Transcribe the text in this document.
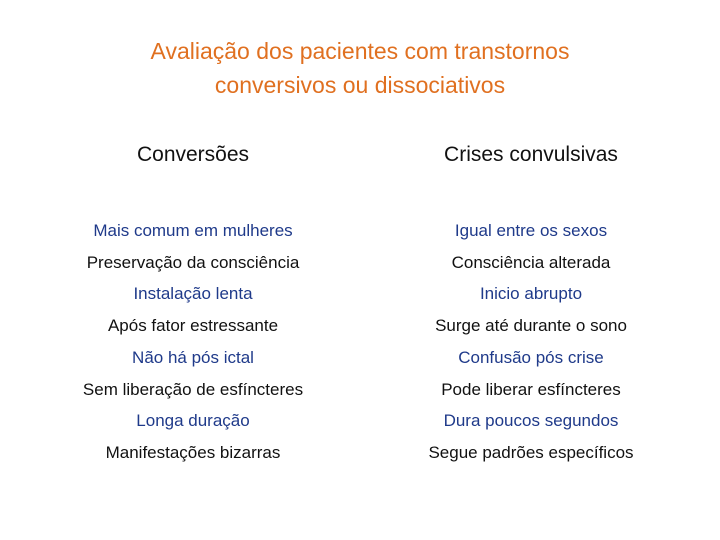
Avaliação dos pacientes com transtornos
conversivos ou dissociativos
Conversões
Mais comum em mulheres
Preservação da consciência
Instalação lenta
Após fator estressante
Não há pós ictal
Sem liberação de esfíncteres
Longa duração
Manifestações bizarras
Crises convulsivas
Igual entre os sexos
Consciência alterada
Inicio abrupto
Surge até durante o sono
Confusão pós crise
Pode liberar esfíncteres
Dura poucos segundos
Segue padrões específicos
